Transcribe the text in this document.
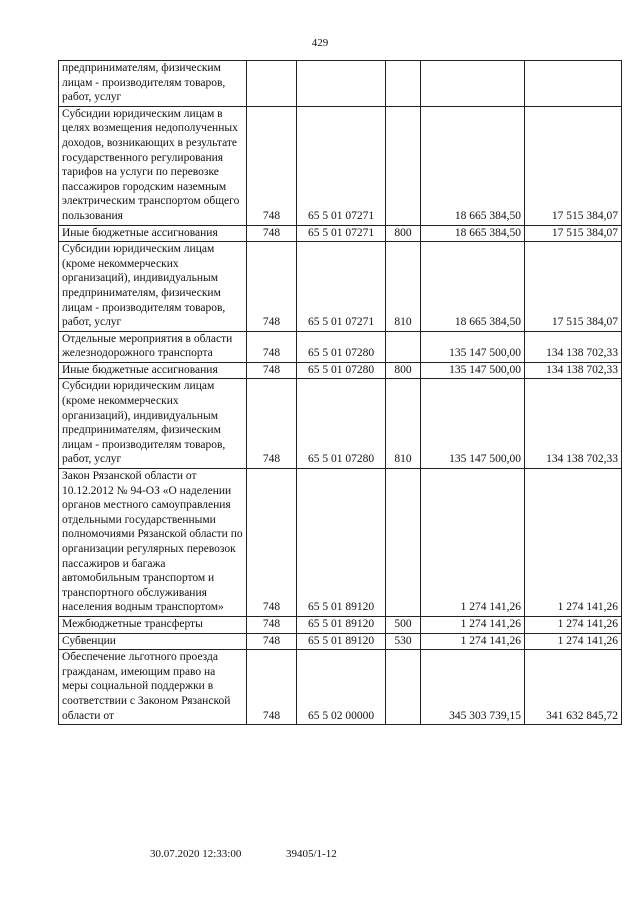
429
предпринимателям, физическим лицам - производителям товаров, работ, услуг					
Субсидии юридическим лицам в целях возмещения недополученных доходов, возникающих в результате государственного регулирования тарифов на услуги по перевозке пассажиров городским наземным электрическим транспортом общего пользования	748	65 5 01 07271		18 665 384,50	17 515 384,07
Иные бюджетные ассигнования	748	65 5 01 07271	800	18 665 384,50	17 515 384,07
Субсидии юридическим лицам (кроме некоммерческих организаций), индивидуальным предпринимателям, физическим лицам - производителям товаров, работ, услуг	748	65 5 01 07271	810	18 665 384,50	17 515 384,07
Отдельные мероприятия в области железнодорожного транспорта	748	65 5 01 07280		135 147 500,00	134 138 702,33
Иные бюджетные ассигнования	748	65 5 01 07280	800	135 147 500,00	134 138 702,33
Субсидии юридическим лицам (кроме некоммерческих организаций), индивидуальным предпринимателям, физическим лицам - производителям товаров, работ, услуг	748	65 5 01 07280	810	135 147 500,00	134 138 702,33
Закон Рязанской области от 10.12.2012 № 94-ОЗ «О наделении органов местного самоуправления отдельными государственными полномочиями Рязанской области по организации регулярных перевозок пассажиров и багажа автомобильным транспортом и транспортного обслуживания населения водным транспортом»	748	65 5 01 89120		1 274 141,26	1 274 141,26
Межбюджетные трансферты	748	65 5 01 89120	500	1 274 141,26	1 274 141,26
Субвенции	748	65 5 01 89120	530	1 274 141,26	1 274 141,26
Обеспечение льготного проезда гражданам, имеющим право на меры социальной поддержки в соответствии с Законом Рязанской области от	748	65 5 02 00000		345 303 739,15	341 632 845,72
30.07.2020 12:33:00	39405/1-12
